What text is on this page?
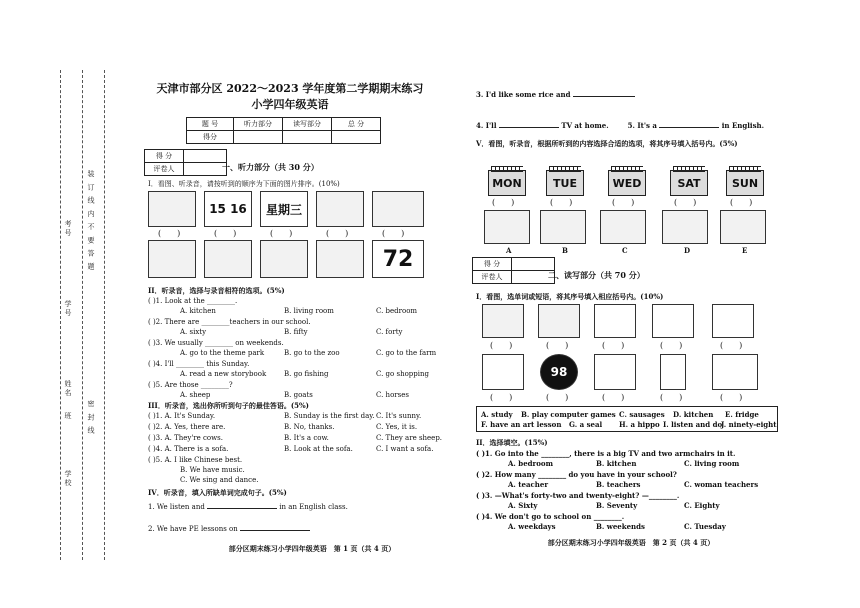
学校
班
姓名
学号
考号 装 订 线 内 不 要 答 题
密 封 线
天津市部分区 2022～2023 学年度第二学期期末练习
小学四年级英语
题 号	听力部分	读写部分	总 分
得分			
得 分	
评卷人		一、听力部分（共 30 分）
I．看图、听录音，请按听到的顺序为下面的图片排序。(10%)
15 16	星期三
(　　)	(　　)	(　　)	(　　)	(　　)
72
II．听录音，选择与录音相符的选项。(5%)
( )1. Look at the ________.
A. kitchen	B. living room	C. bedroom
( )2. There are ________teachers in our school.
A. sixty	B. fifty	C. forty
( )3. We usually ________ on weekends.
A. go to the theme park	B. go to the zoo	C. go to the farm
( )4. I'll ________ this Sunday.
A. read a new storybook	B. go fishing	C. go shopping
( )5. Are those ________?
A. sheep	B. goats	C. horses
III．听录音，选出你所听到句子的最佳答语。(5%)
( )1. A. It's Sunday.	B. Sunday is the first day. C. It's sunny.
( )2. A. Yes, there are.	B. No, thanks.	C. Yes, it is.
( )3. A. They're cows.	B. It's a cow.	C. They are sheep.
( )4. A. There is a sofa.	B. Look at the sofa.	C. I want a sofa.
( )5. A. I like Chinese best.
B. We have music.
C. We sing and dance.
IV．听录音，填入所缺单词完成句子。(5%)
1. We listen and	in an English class.
2. We have PE lessons on
部分区期末练习小学四年级英语　第 1 页（共 4 页）
3. I'd like some rice and
4. I'll	TV at home.	5. It's a	in English.
V．看图，听录音，根据所听到的内容选择合适的选项，将其序号填入括号内。(5%)
MON	TUE	WED	SAT	SUN
(　　)	(　　)	(　　)	(　　)	(　　)
A	B	C	D	E
得 分	
评卷人		二、读写部分（共 70 分）
I．看图，选单词或短语，将其序号填入相应括号内。(10%)
(　　)	(　　)	(　　)	(　　)	(　　)
98
(　　)	(　　)	(　　)	(　　)	(　　)
A. study B. play computer games C. sausages D. kitchen E. fridge
F. have an art lesson G. a seal H. a hippo I. listen and do
J. ninety-eight
II．选择填空。(15%)
( )1. Go into the ________, there is a big TV and two armchairs in it.
A. bedroom	B. kitchen	C. living room
( )2. How many ________ do you have in your school?
A. teacher	B. teachers	C. woman teachers
( )3. —What's forty-two and twenty-eight? —________.
A. Sixty	B. Seventy	C. Eighty
( )4. We don't go to school on ________.
A. weekdays	B. weekends	C. Tuesday
部分区期末练习小学四年级英语　第 2 页（共 4 页）
